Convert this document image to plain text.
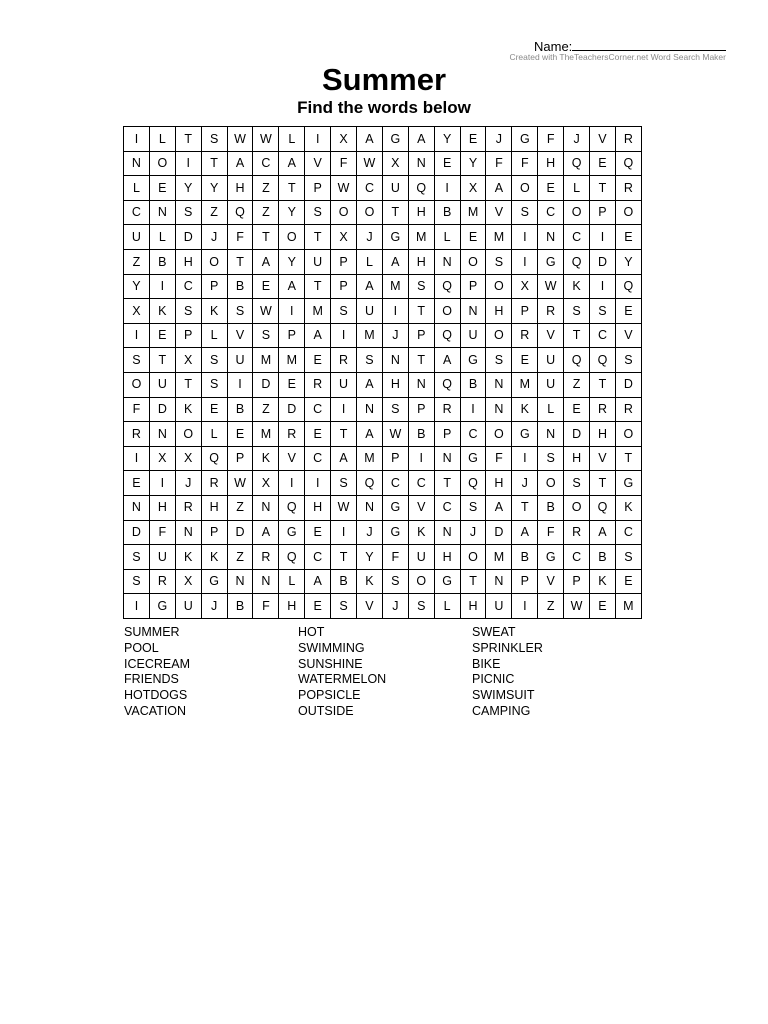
Name:
Created with TheTeachersCorner.net Word Search Maker
Summer
Find the words below
I	L	T	S	W	W	L	I	X	A	G	A	Y	E	J	G	F	J	V	R
N	O	I	T	A	C	A	V	F	W	X	N	E	Y	F	F	H	Q	E	Q
L	E	Y	Y	H	Z	T	P	W	C	U	Q	I	X	A	O	E	L	T	R
C	N	S	Z	Q	Z	Y	S	O	O	T	H	B	M	V	S	C	O	P	O
U	L	D	J	F	T	O	T	X	J	G	M	L	E	M	I	N	C	I	E
Z	B	H	O	T	A	Y	U	P	L	A	H	N	O	S	I	G	Q	D	Y
Y	I	C	P	B	E	A	T	P	A	M	S	Q	P	O	X	W	K	I	Q
X	K	S	K	S	W	I	M	S	U	I	T	O	N	H	P	R	S	S	E
I	E	P	L	V	S	P	A	I	M	J	P	Q	U	O	R	V	T	C	V
S	T	X	S	U	M	M	E	R	S	N	T	A	G	S	E	U	Q	Q	S
O	U	T	S	I	D	E	R	U	A	H	N	Q	B	N	M	U	Z	T	D
F	D	K	E	B	Z	D	C	I	N	S	P	R	I	N	K	L	E	R	R
R	N	O	L	E	M	R	E	T	A	W	B	P	C	O	G	N	D	H	O
I	X	X	Q	P	K	V	C	A	M	P	I	N	G	F	I	S	H	V	T
E	I	J	R	W	X	I	I	S	Q	C	C	T	Q	H	J	O	S	T	G
N	H	R	H	Z	N	Q	H	W	N	G	V	C	S	A	T	B	O	Q	K
D	F	N	P	D	A	G	E	I	J	G	K	N	J	D	A	F	R	A	C
S	U	K	K	Z	R	Q	C	T	Y	F	U	H	O	M	B	G	C	B	S
S	R	X	G	N	N	L	A	B	K	S	O	G	T	N	P	V	P	K	E
I	G	U	J	B	F	H	E	S	V	J	S	L	H	U	I	Z	W	E	M
SUMMER
POOL
ICECREAM
FRIENDS
HOTDOGS
VACATION
HOT
SWIMMING
SUNSHINE
WATERMELON
POPSICLE
OUTSIDE
SWEAT
SPRINKLER
BIKE
PICNIC
SWIMSUIT
CAMPING
